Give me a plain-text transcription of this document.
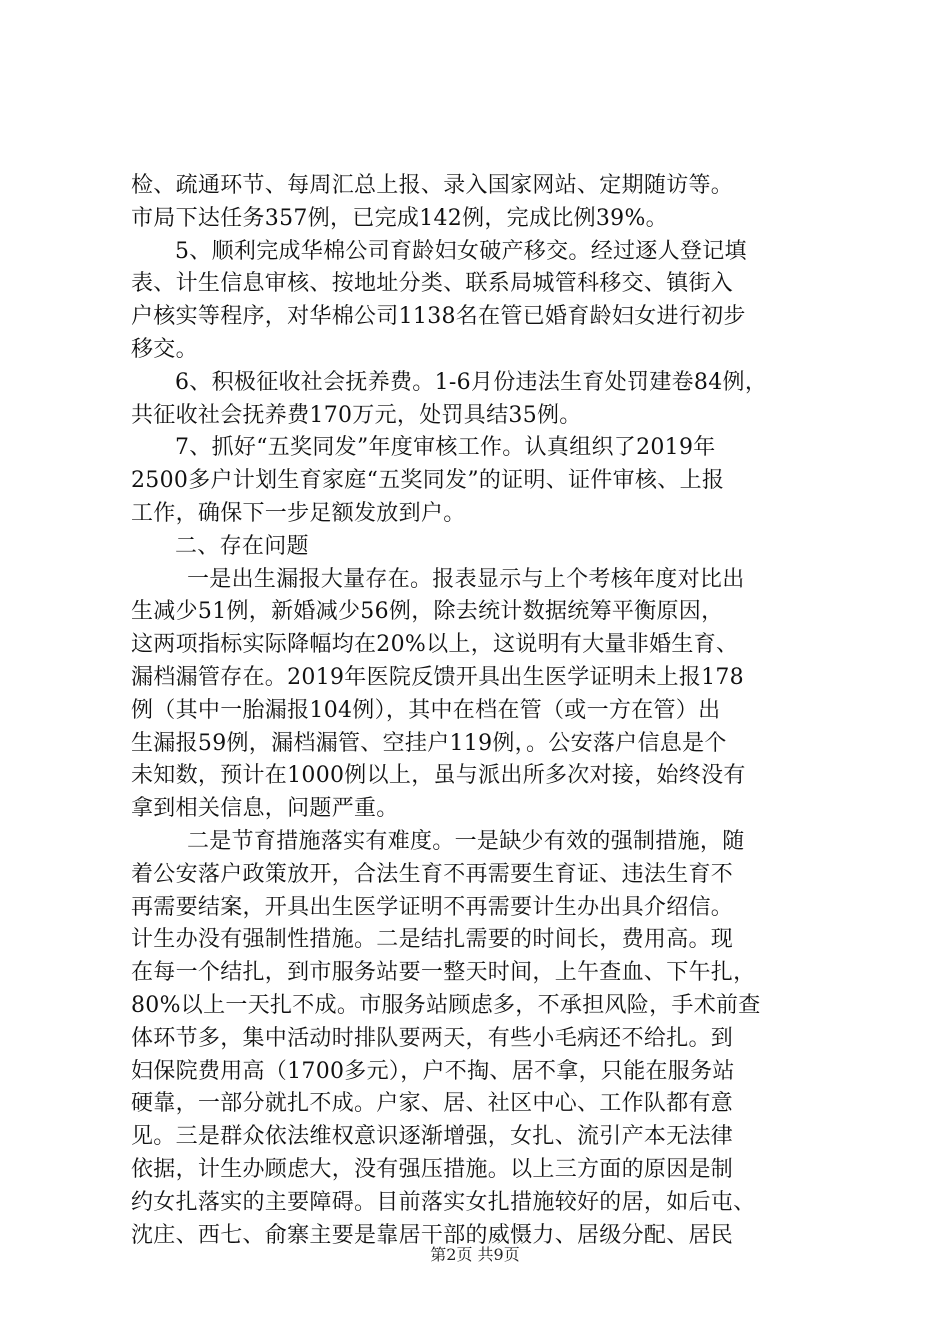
检、疏通环节、每周汇总上报、录入国家网站、定期随访等。
市局下达任务357例，已完成142例，完成比例39%。
5、顺利完成华棉公司育龄妇女破产移交。经过逐人登记填
表、计生信息审核、按地址分类、联系局城管科移交、镇街入
户核实等程序，对华棉公司1138名在管已婚育龄妇女进行初步
移交。
6、积极征收社会抚养费。1-6月份违法生育处罚建卷84例，
共征收社会抚养费170万元，处罚具结35例。
7、抓好“五奖同发”年度审核工作。认真组织了2019年
2500多户计划生育家庭“五奖同发”的证明、证件审核、上报
工作，确保下一步足额发放到户。
二、存在问题
一是出生漏报大量存在。报表显示与上个考核年度对比出
生减少51例，新婚减少56例，除去统计数据统筹平衡原因，
这两项指标实际降幅均在20%以上，这说明有大量非婚生育、
漏档漏管存在。2019年医院反馈开具出生医学证明未上报178
例（其中一胎漏报104例），其中在档在管（或一方在管）出
生漏报59例，漏档漏管、空挂户119例，。公安落户信息是个
未知数，预计在1000例以上，虽与派出所多次对接，始终没有
拿到相关信息，问题严重。
二是节育措施落实有难度。一是缺少有效的强制措施，随
着公安落户政策放开，合法生育不再需要生育证、违法生育不
再需要结案，开具出生医学证明不再需要计生办出具介绍信。
计生办没有强制性措施。二是结扎需要的时间长，费用高。现
在每一个结扎，到市服务站要一整天时间，上午查血、下午扎，
80%以上一天扎不成。市服务站顾虑多，不承担风险，手术前查
体环节多，集中活动时排队要两天，有些小毛病还不给扎。到
妇保院费用高（1700多元），户不掏、居不拿，只能在服务站
硬靠，一部分就扎不成。户家、居、社区中心、工作队都有意
见。三是群众依法维权意识逐渐增强，女扎、流引产本无法律
依据，计生办顾虑大，没有强压措施。以上三方面的原因是制
约女扎落实的主要障碍。目前落实女扎措施较好的居，如后屯、
沈庄、西七、俞寨主要是靠居干部的威慑力、居级分配、居民
第2页 共9页
